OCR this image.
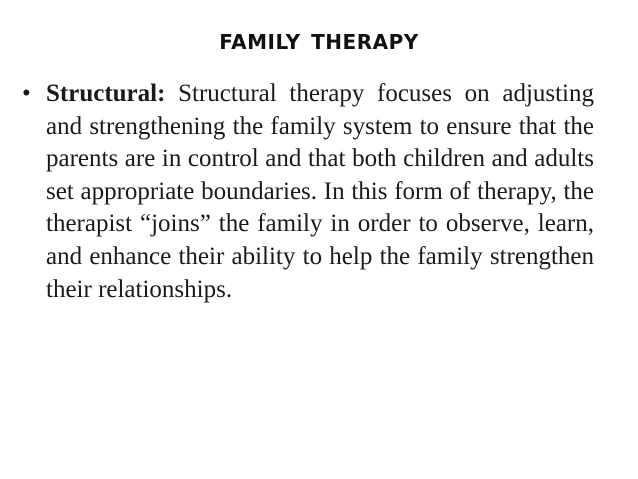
family therapy
• Structural: Structural therapy focuses on adjusting and strengthening the family system to ensure that the parents are in control and that both children and adults set appropriate boundaries. In this form of therapy, the therapist “joins” the family in order to observe, learn, and enhance their ability to help the family strengthen their relationships.
